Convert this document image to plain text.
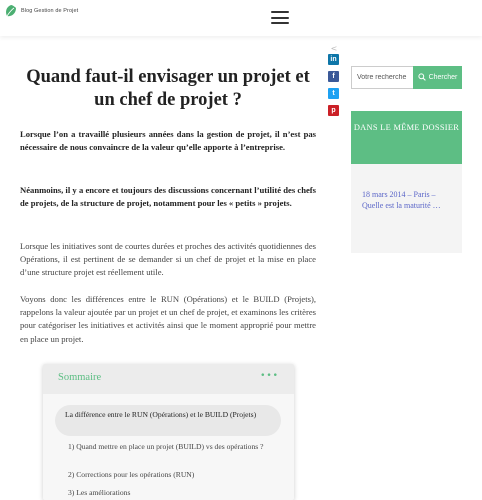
Blog Gestion de Projet
Quand faut-il envisager un projet et un chef de projet ?

Lorsque l’on a travaillé plusieurs années dans la gestion de projet, il n’est pas nécessaire de nous convaincre de la valeur qu’elle apporte à l’entreprise.

Néanmoins, il y a encore et toujours des discussions concernant l’utilité des chefs de projets, de la structure de projet, notamment pour les « petits » projets.

Lorsque les initiatives sont de courtes durées et proches des activités quotidiennes des Opérations, il est pertinent de se demander si un chef de projet et la mise en place d’une structure projet est réellement utile.

Voyons donc les différences entre le RUN (Opérations) et le BUILD (Projets), rappelons la valeur ajoutée par un projet et un chef de projet, et examinons les critères pour catégoriser les initiatives et activités ainsi que le moment approprié pour mettre en place un projet.

<
in
f
t
p
Votre recherche
Chercher
DANS LE MÊME DOSSIER
18 mars 2014 – Paris – Quelle est la maturité …
Sommaire	•••
La différence entre le RUN (Opérations) et le BUILD (Projets)
1) Quand mettre en place un projet (BUILD) vs des opérations ?
2) Corrections pour les opérations (RUN)
3) Les améliorations
